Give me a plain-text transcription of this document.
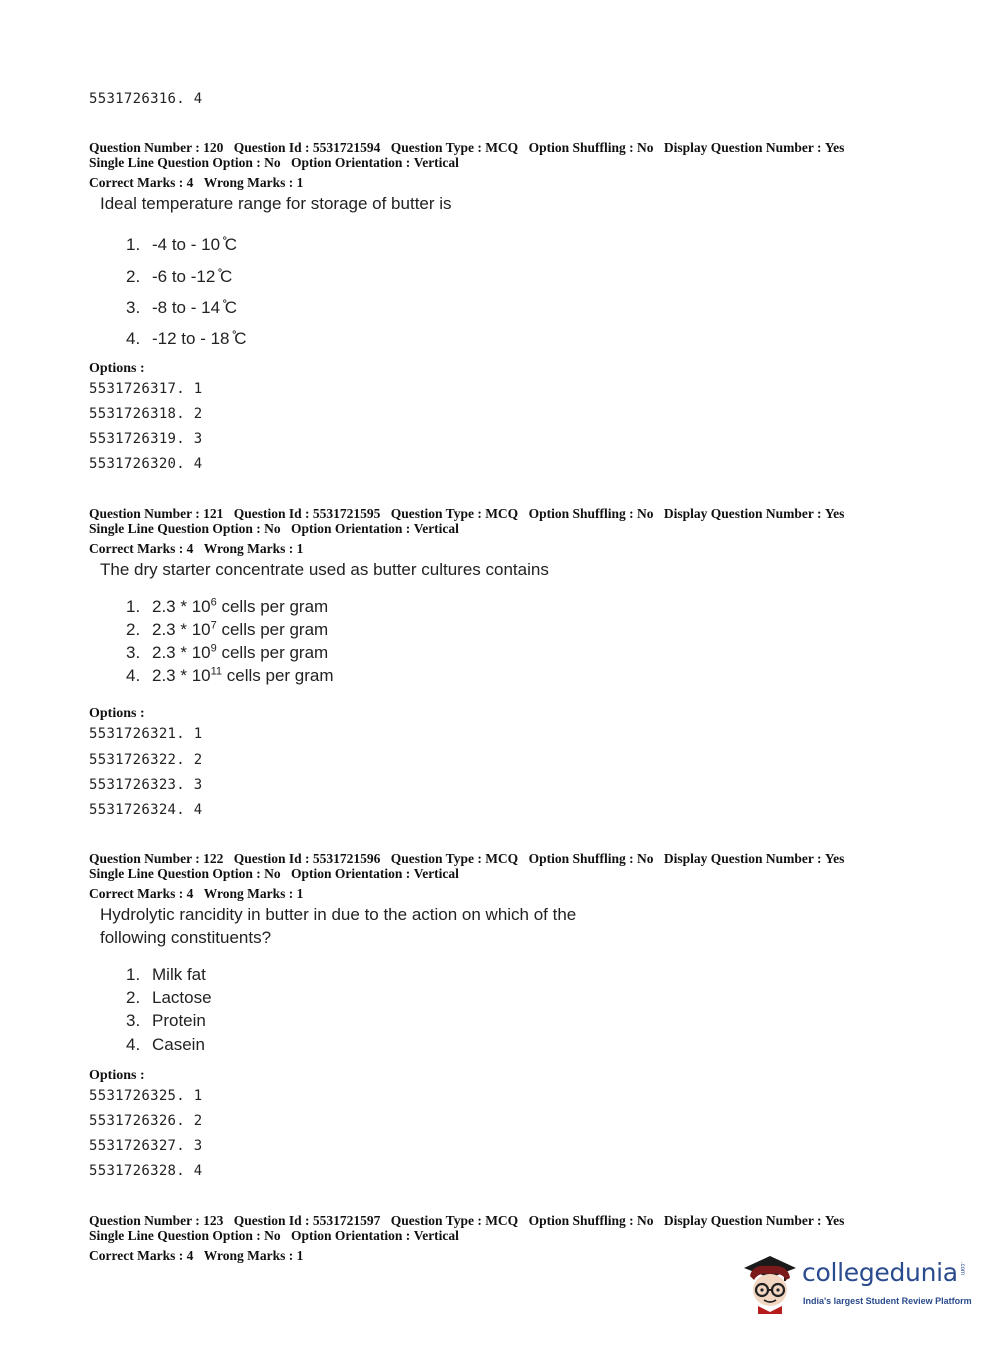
5531726316. 4
Question Number : 120 Question Id : 5531721594 Question Type : MCQ Option Shuffling : No Display Question Number : Yes
Single Line Question Option : No Option Orientation : Vertical
Correct Marks : 4 Wrong Marks : 1
Ideal temperature range for storage of butter is
1. -4 to - 10 ̊C
2. -6 to -12 ̊C
3. -8 to - 14 ̊C
4. -12 to - 18 ̊C
Options :
5531726317. 1
5531726318. 2
5531726319. 3
5531726320. 4
Question Number : 121 Question Id : 5531721595 Question Type : MCQ Option Shuffling : No Display Question Number : Yes
Single Line Question Option : No Option Orientation : Vertical
Correct Marks : 4 Wrong Marks : 1
The dry starter concentrate used as butter cultures contains
1. $2.3 * 10^6$ cells per gram
2. $2.3 * 10^7$ cells per gram
3. $2.3 * 10^9$ cells per gram
4. $2.3 * 10^{11}$ cells per gram
Options :
5531726321. 1
5531726322. 2
5531726323. 3
5531726324. 4
Question Number : 122 Question Id : 5531721596 Question Type : MCQ Option Shuffling : No Display Question Number : Yes
Single Line Question Option : No Option Orientation : Vertical
Correct Marks : 4 Wrong Marks : 1
Hydrolytic rancidity in butter in due to the action on which of the
following constituents?
1. Milk fat
2. Lactose
3. Protein
4. Casein
Options :
5531726325. 1
5531726326. 2
5531726327. 3
5531726328. 4
Question Number : 123 Question Id : 5531721597 Question Type : MCQ Option Shuffling : No Display Question Number : Yes
Single Line Question Option : No Option Orientation : Vertical
Correct Marks : 4 Wrong Marks : 1
collegedunia .com
India's largest Student Review Platform
